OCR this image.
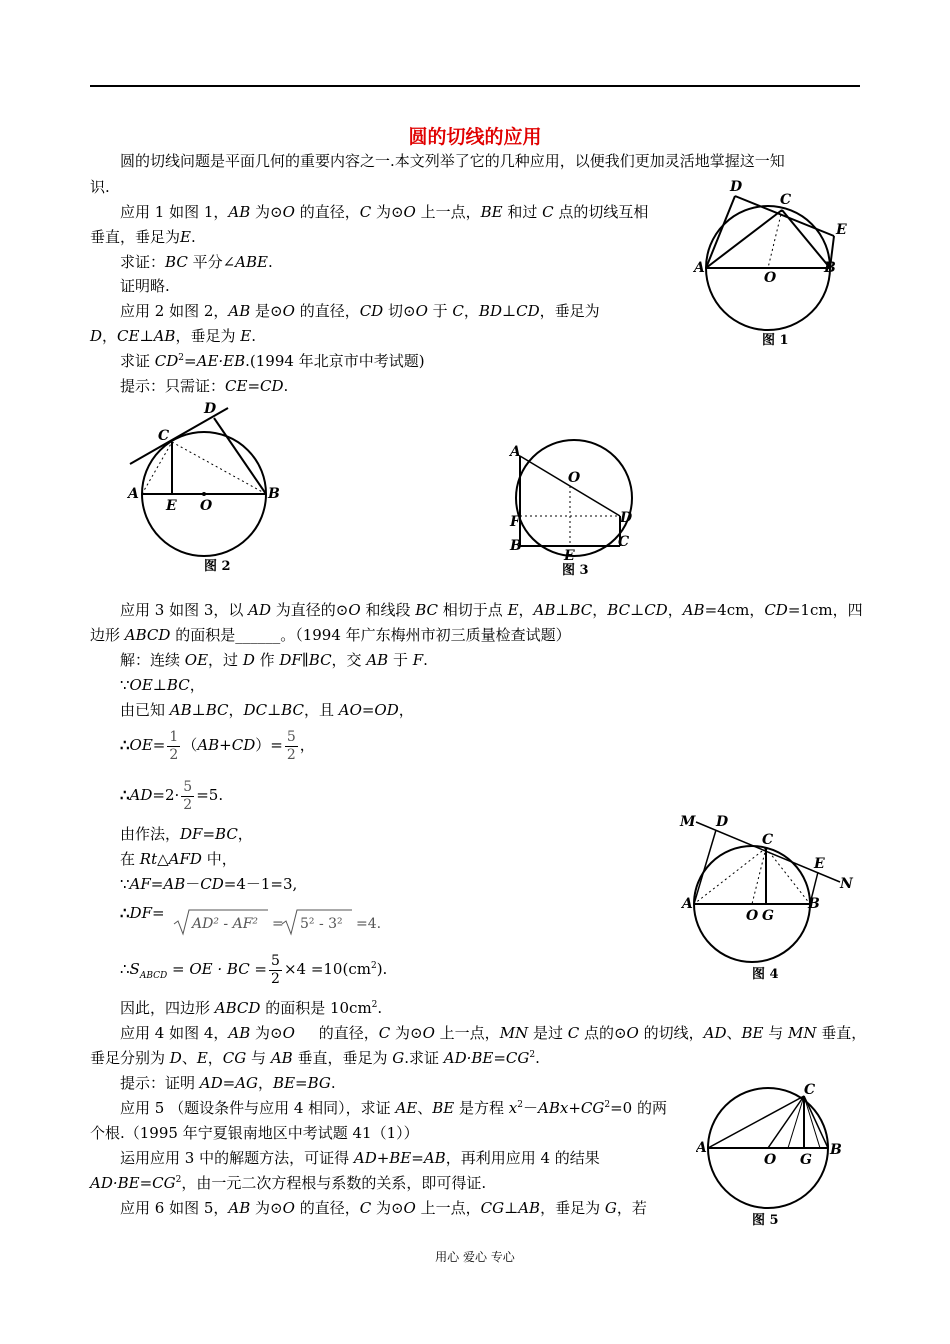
圆的切线的应用
圆的切线问题是平面几何的重要内容之一.本文列举了它的几种应用，以便我们更加灵活地掌握这一知
识.
应用 1 如图 1，AB 为⊙O 的直径，C 为⊙O 上一点，BE 和过 C 点的切线互相
垂直，垂足为E.
求证：BC 平分∠ABE.
证明略.
应用 2 如图 2，AB 是⊙O 的直径，CD 切⊙O 于 C，BD⊥CD，垂足为
D，CE⊥AB，垂足为 E.
求证 $CD^2=AE\cdot EB.(1994$ 年北京市中考试题)
提示：只需证：CE=CD.
应用 3 如图 3，以 AD 为直径的⊙O 和线段 BC 相切于点 E，AB⊥BC，BC⊥CD，AB=4cm，CD=1cm，四
边形 ABCD 的面积是______。（1994 年广东梅州市初三质量检查试题）
解：连续 OE，过 D 作 DF∥BC，交 AB 于 F.
∵OE⊥BC，
由已知 AB⊥BC，DC⊥BC，且 AO=OD，
∴OE= $\frac{1}{2} (AB+CD)= \frac{5}{2}$ ，
∴AD=2· $\frac{5}{2} =5$.
由作法，DF=BC，
在 Rt△AFD 中，
∵AF=AB－CD=4－1=3,
∴DF=
AD² - AF² = 5² - 3² =4.
$\therefore S_{ABCD}$ = OE · BC = $\frac{5}{2} \times 4 =10(cm^2)$.
因此，四边形 ABCD 的面积是 $10cm^2$.
应用 4 如图 4，AB 为⊙O     的直径，C 为⊙O 上一点，MN 是过 C 点的⊙O 的切线，AD、BE 与 MN 垂直，
垂足分别为 D、E，CG 与 AB 垂直，垂足为 G.求证 $AD\cdot BE=CG^2$.
提示：证明 AD=AG，BE=BG.
应用 5 （题设条件与应用 4 相同），求证 AE、BE 是方程 $x^2-ABx+CG^2=0$ 的两
个根.（1995 年宁夏银南地区中考试题 41（1））
运用应用 3 中的解题方法，可证得 AD+BE=AB，再利用应用 4 的结果
$AD\cdot BE=CG^2$，由一元二次方程根与系数的关系，即可得证.
应用 6 如图 5，AB 为⊙O 的直径，C 为⊙O 上一点，CG⊥AB，垂足为 G，若
D
C
E
A
O
B
图 1
D
C
A
E O
B
图 2
A
O
F	D
B
E
C
图 3
M D
C
E
N
A
O G
B
图 4
C
A
O G
B
图 5
用心 爱心 专心
